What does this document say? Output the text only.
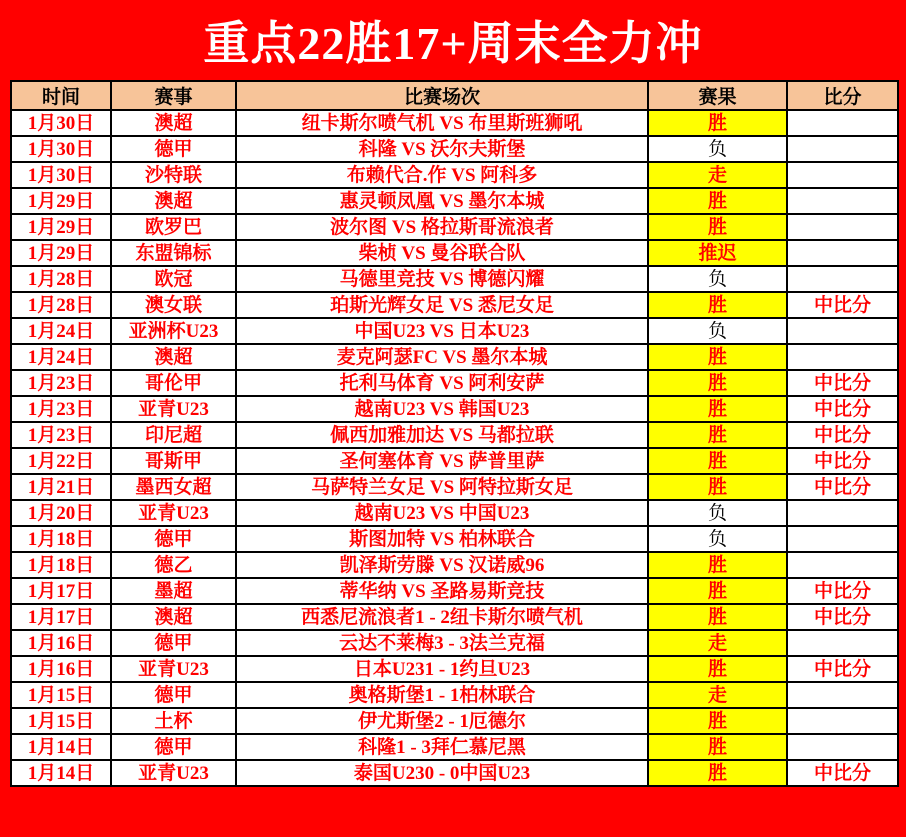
重点22胜17+周末全力冲
时间	赛事	比赛场次	赛果	比分
1月30日	澳超	纽卡斯尔喷气机 VS 布里斯班狮吼	胜	
1月30日	德甲	科隆 VS 沃尔夫斯堡	负	
1月30日	沙特联	布赖代合.作 VS 阿科多	走	
1月29日	澳超	惠灵顿凤凰 VS 墨尔本城	胜	
1月29日	欧罗巴	波尔图 VS 格拉斯哥流浪者	胜	
1月29日	东盟锦标	柴桢 VS 曼谷联合队	推迟	
1月28日	欧冠	马德里竞技 VS 博德闪耀	负	
1月28日	澳女联	珀斯光辉女足 VS 悉尼女足	胜	中比分
1月24日	亚洲杯U23	中国U23 VS 日本U23	负	
1月24日	澳超	麦克阿瑟FC VS 墨尔本城	胜	
1月23日	哥伦甲	托利马体育 VS 阿利安萨	胜	中比分
1月23日	亚青U23	越南U23 VS 韩国U23	胜	中比分
1月23日	印尼超	佩西加雅加达 VS 马都拉联	胜	中比分
1月22日	哥斯甲	圣何塞体育 VS 萨普里萨	胜	中比分
1月21日	墨西女超	马萨特兰女足 VS 阿特拉斯女足	胜	中比分
1月20日	亚青U23	越南U23 VS 中国U23	负	
1月18日	德甲	斯图加特 VS 柏林联合	负	
1月18日	德乙	凯泽斯劳滕 VS 汉诺威96	胜	
1月17日	墨超	蒂华纳 VS 圣路易斯竞技	胜	中比分
1月17日	澳超	西悉尼流浪者1 - 2纽卡斯尔喷气机	胜	中比分
1月16日	德甲	云达不莱梅3 - 3法兰克福	走	
1月16日	亚青U23	日本U231 - 1约旦U23	胜	中比分
1月15日	德甲	奥格斯堡1 - 1柏林联合	走	
1月15日	土杯	伊尤斯堡2 - 1厄德尔	胜	
1月14日	德甲	科隆1 - 3拜仁慕尼黑	胜	
1月14日	亚青U23	泰国U230 - 0中国U23	胜	中比分
